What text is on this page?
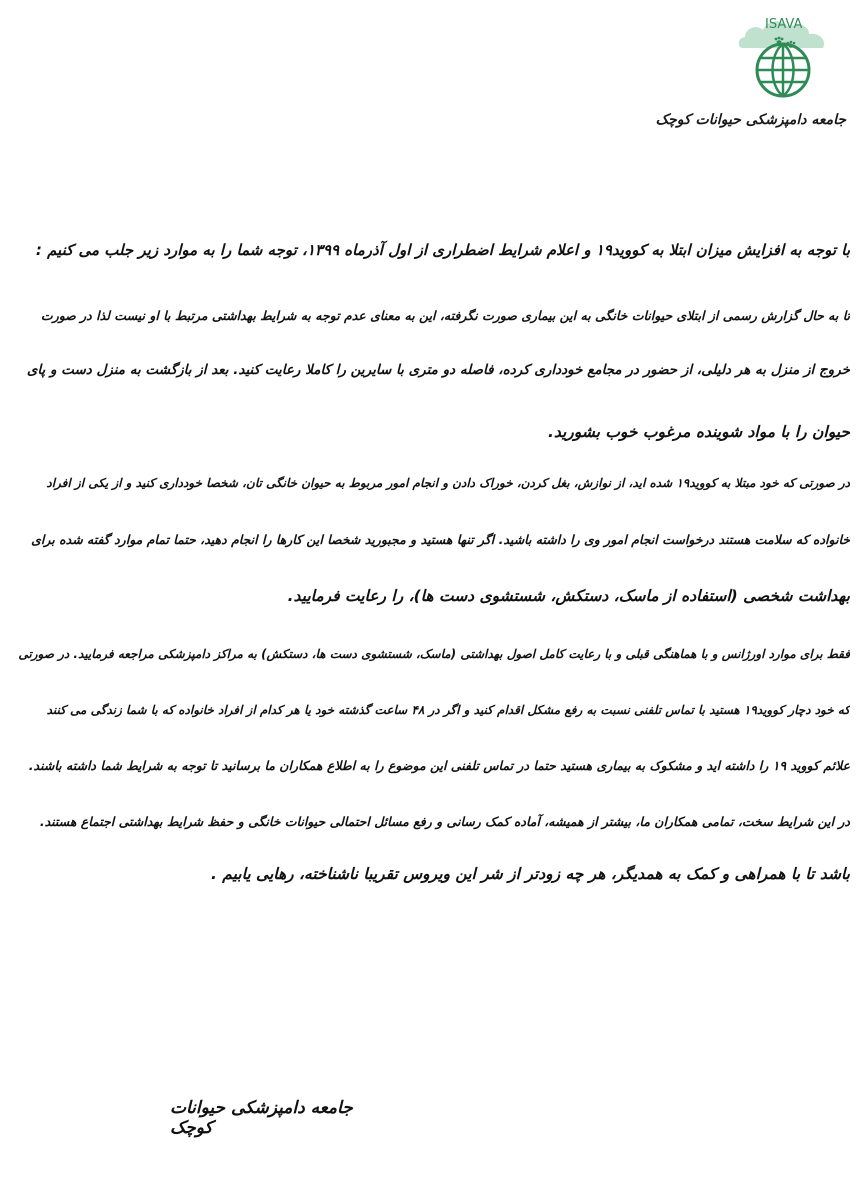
ISAVA
جامعه دامپزشکی حیوانات کوچک
با توجه به افزایش میزان ابتلا به کووید۱۹ و اعلام شرایط اضطراری از اول آذرماه ۱۳۹۹، توجه شما را به موارد زیر جلب می کنیم :
تا به حال گزارش رسمی از ابتلای حیوانات خانگی به این بیماری صورت نگرفته، این به معنای عدم توجه به شرایط بهداشتی مرتبط با او نیست لذا در صورت
خروج از منزل به هر دلیلی، از حضور در مجامع خودداری کرده، فاصله دو متری با سایرین را کاملا رعایت کنید. بعد از بازگشت به منزل دست و پای
حیوان را با مواد شوینده مرغوب خوب بشورید.
در صورتی که خود مبتلا به کووید۱۹ شده اید، از نوازش، بغل کردن، خوراک دادن و انجام امور مربوط به حیوان خانگی تان، شخصا خودداری کنید و از یکی از افراد
خانواده که سلامت هستند درخواست انجام امور وی را داشته باشید. اگر تنها هستید و مجبورید شخصا این کارها را انجام دهید، حتما تمام موارد گفته شده برای
بهداشت شخصی (استفاده از ماسک، دستکش، شستشوی دست ها)، را رعایت فرمایید.
فقط برای موارد اورژانس و با هماهنگی قبلی و با رعایت کامل اصول بهداشتی (ماسک، شستشوی دست ها، دستکش) به مراکز دامپزشکی مراجعه فرمایید. در صورتی
که خود دچار کووید۱۹ هستید با تماس تلفنی نسبت به رفع مشکل اقدام کنید و اگر در ۴۸ ساعت گذشته خود یا هر کدام از افراد خانواده که با شما زندگی می کنند
علائم کووید ۱۹ را داشته اید و مشکوک به بیماری هستید حتما در تماس تلفنی این موضوع را به اطلاع همکاران ما برسانید تا توجه به شرایط شما داشته باشند.
در این شرایط سخت، تمامی همکاران ما، بیشتر از همیشه، آماده کمک رسانی و رفع مسائل احتمالی حیوانات خانگی و حفظ شرایط بهداشتی اجتماع هستند.
باشد تا با همراهی و کمک به همدیگر، هر چه زودتر از شر این ویروس تقریبا ناشناخته، رهایی یابیم .
جامعه دامپزشکی حیوانات کوچک
